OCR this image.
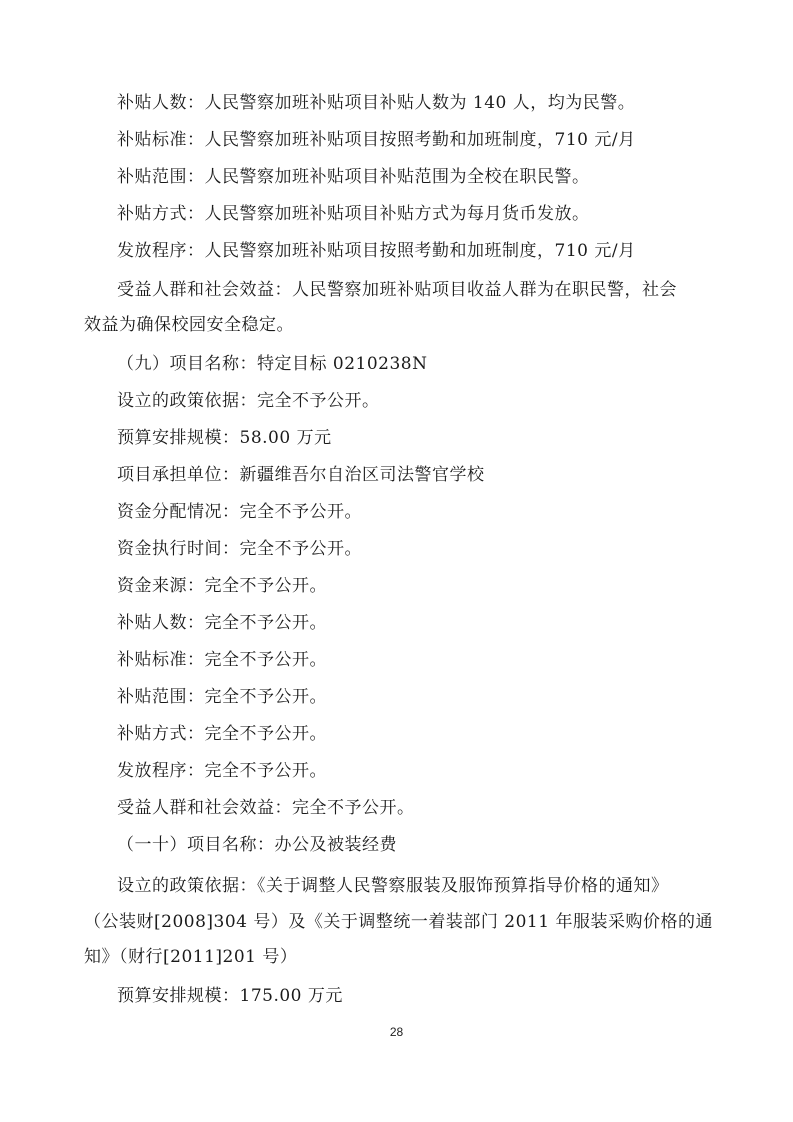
补贴人数：人民警察加班补贴项目补贴人数为 140 人，均为民警。
补贴标准：人民警察加班补贴项目按照考勤和加班制度，710 元/月
补贴范围：人民警察加班补贴项目补贴范围为全校在职民警。
补贴方式：人民警察加班补贴项目补贴方式为每月货币发放。
发放程序：人民警察加班补贴项目按照考勤和加班制度，710 元/月
受益人群和社会效益：人民警察加班补贴项目收益人群为在职民警，社会
效益为确保校园安全稳定。
（九）项目名称：特定目标 0210238N
设立的政策依据：完全不予公开。
预算安排规模：58.00 万元
项目承担单位：新疆维吾尔自治区司法警官学校
资金分配情况：完全不予公开。
资金执行时间：完全不予公开。
资金来源：完全不予公开。
补贴人数：完全不予公开。
补贴标准：完全不予公开。
补贴范围：完全不予公开。
补贴方式：完全不予公开。
发放程序：完全不予公开。
受益人群和社会效益：完全不予公开。
（一十）项目名称：办公及被装经费
设立的政策依据：《关于调整人民警察服装及服饰预算指导价格的通知》
（公装财[2008]304 号）及《关于调整统一着装部门 2011 年服装采购价格的通
知》（财行[2011]201 号）
预算安排规模：175.00 万元
28
